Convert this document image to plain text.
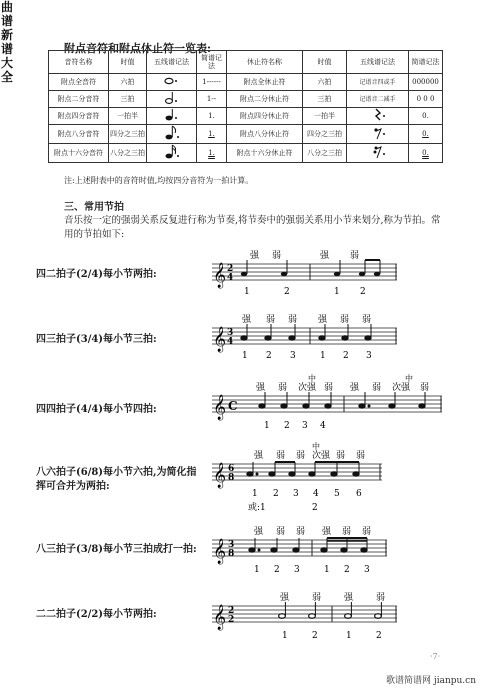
曲
谱
新
谱
大
全
附点音符和附点休止符一览表:
音符名称	时值	五线谱记法	简谱记法	休止符名称	时值	五线谱记法	简谱记法
附点全音符	六拍		1------	附点全休止符	六拍	记谱音四或手	000000
附点二分音符	三拍		1--	附点二分休止符	三拍	记谱音二减手	0 0 0
附点四分音符	一拍半		1.	附点四分休止符	一拍半		0.
附点八分音符	四分之三拍		1.	附点八分休止符	四分之三拍		0.
附点十六分音符	八分之三拍		1.	附点十六分休止符	八分之三拍		0.
注:上述附表中的音符时值,均按四分音符为一拍计算。
三、常用节拍
音乐按一定的强弱关系反复进行称为节奏,将节奏中的强弱关系用小节来划分,称为节拍。常用的节拍如下:
四二拍子(2/4)每小节两拍:
强 弱	强 弱
𝄞 2
4
1	2	1 2
四三拍子(3/4)每小节三拍:
强 弱 弱 强 弱 弱
𝄞 3
4
1 2 3	1 2 3
四四拍子(4/4)每小节四拍:
中	中
强 弱 次强 弱 强 弱 次强 弱
𝄞 C
1 2 3 4
八六拍子(6/8)每小节六拍,为简化指挥可合并为两拍:
中
强 弱 弱 次强 弱 弱
𝄞 6
8
1 2 3 4 5 6
或:1	2
八三拍子(3/8)每小节三拍成打一拍:
强 弱 弱 强 弱 弱
𝄞 3
8
1 2 3	1 2 3
二二拍子(2/2)每小节两拍:
强	弱	强	弱
𝄞 2
2
1	2	1	2
·7·
歌谱简谱网 jianpu.cn
